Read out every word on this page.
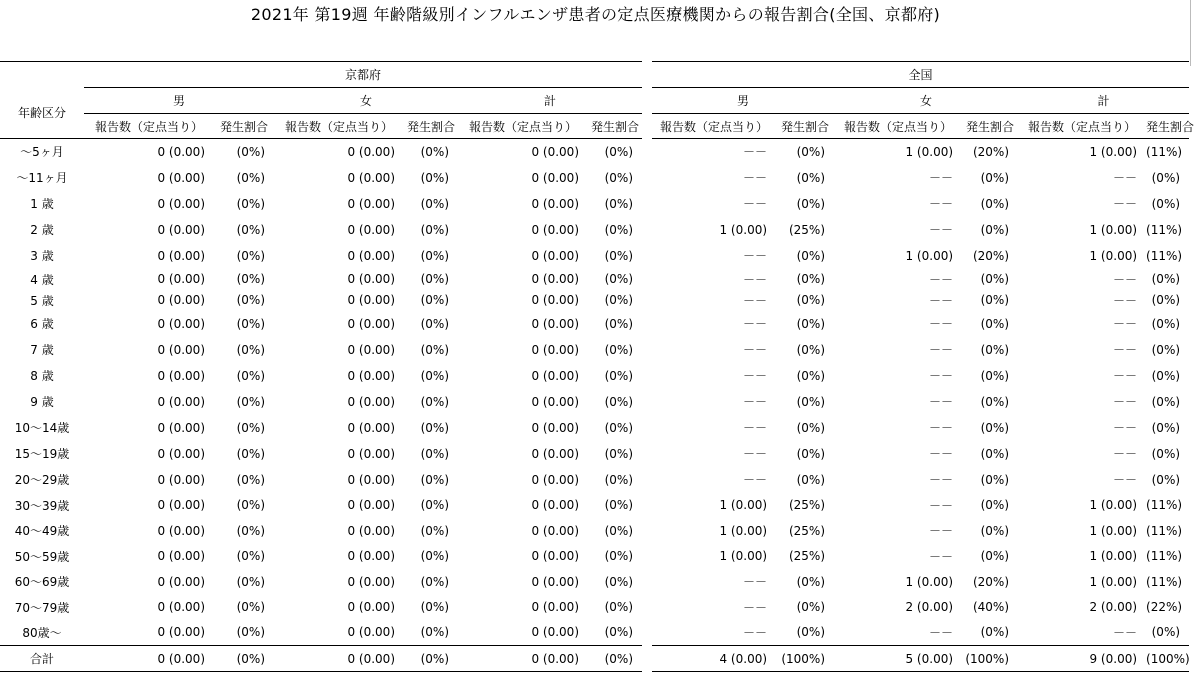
2021年 第19週 年齢階級別インフルエンザ患者の定点医療機関からの報告割合(全国、京都府)
	京都府							全国					
年齢区分	男		女		計			男		女		計	
	報告数（定点当り）	発生割合	報告数（定点当り）	発生割合	報告数（定点当り）	発生割合		報告数（定点当り）	発生割合	報告数（定点当り）	発生割合	報告数（定点当り）	発生割合
～5ヶ月	0 (0.00)	(0%)	0 (0.00)	(0%)	0 (0.00)	(0%)		－－	(0%)	1 (0.00)	(20%)	1 (0.00)	(11%)
～11ヶ月	0 (0.00)	(0%)	0 (0.00)	(0%)	0 (0.00)	(0%)		－－	(0%)	－－	(0%)	－－	(0%)
1 歳	0 (0.00)	(0%)	0 (0.00)	(0%)	0 (0.00)	(0%)		－－	(0%)	－－	(0%)	－－	(0%)
2 歳	0 (0.00)	(0%)	0 (0.00)	(0%)	0 (0.00)	(0%)		1 (0.00)	(25%)	－－	(0%)	1 (0.00)	(11%)
3 歳	0 (0.00)	(0%)	0 (0.00)	(0%)	0 (0.00)	(0%)		－－	(0%)	1 (0.00)	(20%)	1 (0.00)	(11%)
4 歳	0 (0.00)	(0%)	0 (0.00)	(0%)	0 (0.00)	(0%)		－－	(0%)	－－	(0%)	－－	(0%)
5 歳	0 (0.00)	(0%)	0 (0.00)	(0%)	0 (0.00)	(0%)		－－	(0%)	－－	(0%)	－－	(0%)
6 歳	0 (0.00)	(0%)	0 (0.00)	(0%)	0 (0.00)	(0%)		－－	(0%)	－－	(0%)	－－	(0%)
7 歳	0 (0.00)	(0%)	0 (0.00)	(0%)	0 (0.00)	(0%)		－－	(0%)	－－	(0%)	－－	(0%)
8 歳	0 (0.00)	(0%)	0 (0.00)	(0%)	0 (0.00)	(0%)		－－	(0%)	－－	(0%)	－－	(0%)
9 歳	0 (0.00)	(0%)	0 (0.00)	(0%)	0 (0.00)	(0%)		－－	(0%)	－－	(0%)	－－	(0%)
10～14歳	0 (0.00)	(0%)	0 (0.00)	(0%)	0 (0.00)	(0%)		－－	(0%)	－－	(0%)	－－	(0%)
15～19歳	0 (0.00)	(0%)	0 (0.00)	(0%)	0 (0.00)	(0%)		－－	(0%)	－－	(0%)	－－	(0%)
20～29歳	0 (0.00)	(0%)	0 (0.00)	(0%)	0 (0.00)	(0%)		－－	(0%)	－－	(0%)	－－	(0%)
30～39歳	0 (0.00)	(0%)	0 (0.00)	(0%)	0 (0.00)	(0%)		1 (0.00)	(25%)	－－	(0%)	1 (0.00)	(11%)
40～49歳	0 (0.00)	(0%)	0 (0.00)	(0%)	0 (0.00)	(0%)		1 (0.00)	(25%)	－－	(0%)	1 (0.00)	(11%)
50～59歳	0 (0.00)	(0%)	0 (0.00)	(0%)	0 (0.00)	(0%)		1 (0.00)	(25%)	－－	(0%)	1 (0.00)	(11%)
60～69歳	0 (0.00)	(0%)	0 (0.00)	(0%)	0 (0.00)	(0%)		－－	(0%)	1 (0.00)	(20%)	1 (0.00)	(11%)
70～79歳	0 (0.00)	(0%)	0 (0.00)	(0%)	0 (0.00)	(0%)		－－	(0%)	2 (0.00)	(40%)	2 (0.00)	(22%)
80歳～	0 (0.00)	(0%)	0 (0.00)	(0%)	0 (0.00)	(0%)		－－	(0%)	－－	(0%)	－－	(0%)
合計	0 (0.00)	(0%)	0 (0.00)	(0%)	0 (0.00)	(0%)		4 (0.00)	(100%)	5 (0.00)	(100%)	9 (0.00)	(100%)
